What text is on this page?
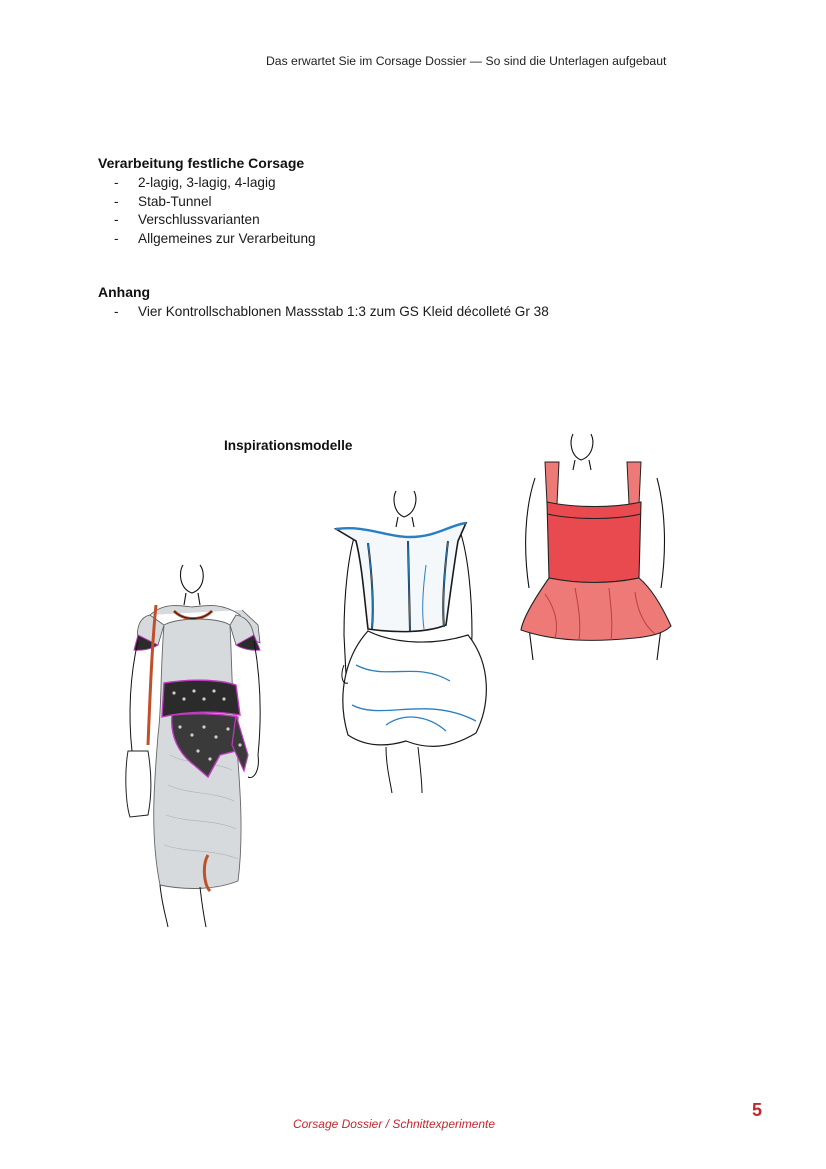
Das erwartet Sie im Corsage Dossier — So sind die Unterlagen aufgebaut
Verarbeitung festliche Corsage
- 2-lagig, 3-lagig, 4-lagig
- Stab-Tunnel
- Verschlussvarianten
- Allgemeines zur Verarbeitung
Anhang
- Vier Kontrollschablonen Massstab 1:3 zum GS Kleid décolleté Gr 38
Inspirationsmodelle
Corsage Dossier / Schnittexperimente
5
